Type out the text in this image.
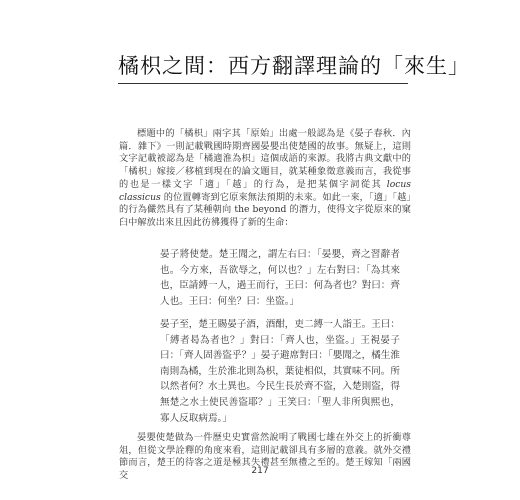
橘枳之間：西方翻譯理論的「來生」
標題中的「橘枳」兩字其「原始」出處一般認為是《晏子春秋．內篇．雜下》一則記載戰國時期齊國晏嬰出使楚國的故事。無疑上，這則文字記載被認為是「橘適淮為枳」這個成語的來源。我將古典文獻中的「橘枳」嫁接／移植到現在的論文題目，就某種象徵意義而言，我從事的也是一樣文字「適」「越」的行為，是把某個字詞從其 locus classicus 的位置轉寄到它原來無法預期的未來。如此一來，「適」「越」的行為儼然具有了某種朝向 the beyond 的潛力，使得文字從原來的窠臼中解放出來且因此彷彿獲得了新的生命：
晏子將使楚。楚王聞之，謂左右曰：「晏嬰，齊之習辭者也。今方來，吾欲辱之，何以也？」左右對曰：「為其來也，臣請縛一人，過王而行，王曰：何為者也？對曰：齊人也。王曰：何坐？曰：坐盜。」
晏子至，楚王賜晏子酒，酒酣，吏二縛一人詣王。王曰：「縛者曷為者也？」對曰：「齊人也，坐盜。」王視晏子曰：「齊人固善盜乎？」晏子避席對曰：「嬰聞之，橘生淮南則為橘，生於淮北則為枳，葉徒相似，其實味不同。所以然者何？水土異也。今民生長於齊不盜，入楚則盜，得無楚之水土使民善盜耶？」王笑曰：「聖人非所與熙也，寡人反取病焉。」
晏嬰使楚做為一件歷史史實當然說明了戰國七雄在外交上的折衝尊俎，但從文學詮釋的角度來看，這則記載卻具有多層的意義。就外交禮節而言，楚王的待客之道是極其失禮甚至無禮之至的。楚王嫁知「兩國交	217
